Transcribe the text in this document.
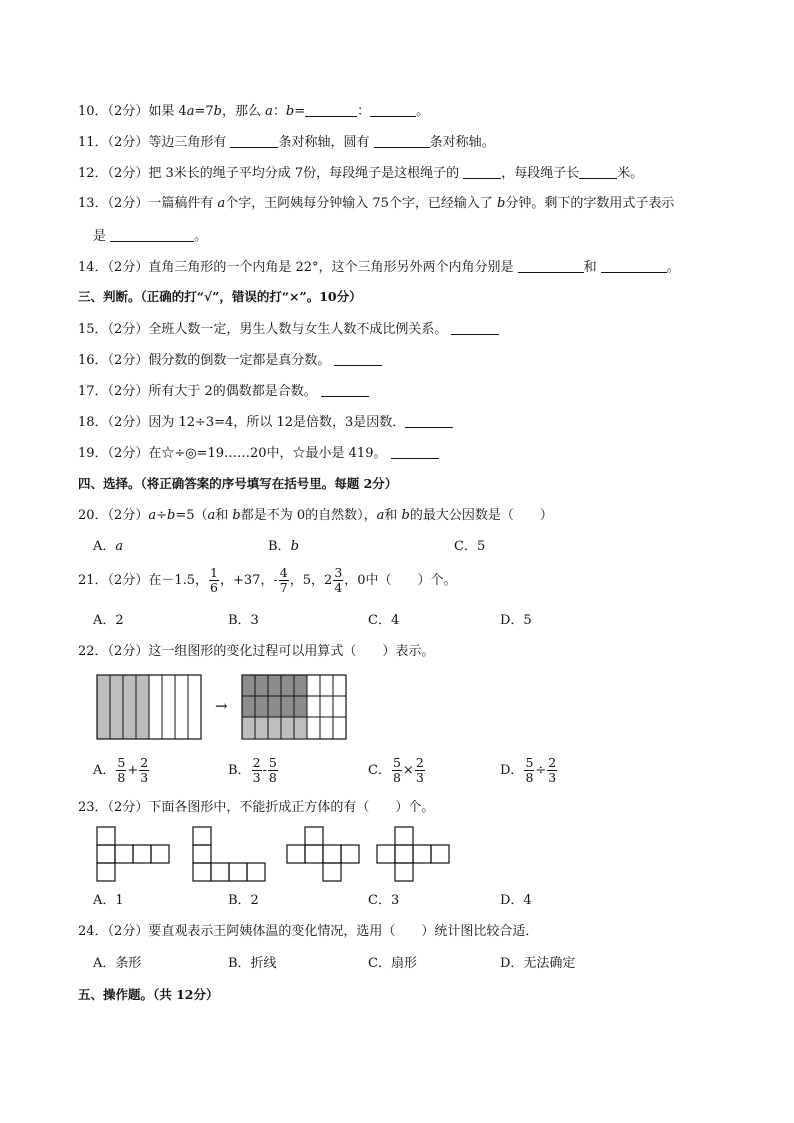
10．（2分）如果 4a=7b，那么 a：b=	：	。
11．（2分）等边三角形有	条对称轴，圆有	条对称轴。
12．（2分）把 3米长的绳子平均分成 7份，每段绳子是这根绳子的	，每段绳子长	米。
13．（2分）一篇稿件有 a个字，王阿姨每分钟输入 75个字，已经输入了 b分钟。剩下的字数用式子表示
是	。
14．（2分）直角三角形的一个内角是 22°，这个三角形另外两个内角分别是	和	。
三、判断。（正确的打“√”，错误的打“×”。10分）
15．（2分）全班人数一定，男生人数与女生人数不成比例关系。
16．（2分）假分数的倒数一定都是真分数。
17．（2分）所有大于 2的偶数都是合数。
18．（2分）因为 12÷3=4，所以 12是倍数，3是因数．
19．（2分）在☆÷◎=19……20中，☆最小是 419。
四、选择。（将正确答案的序号填写在括号里。每题 2分）
20．（2分）a÷b=5（a和 b都是不为 0的自然数），a和 b的最大公因数是（　　）
A．a	B．b	C．5
21．（2分）在－1.5， $\frac{1}{6}$ ，+37，- $\frac{4}{7}$ ，5，$2 \frac{3}{4}$ ，0中（　　）个。
A．2	B．3	C．4	D．5
22．（2分）这一组图形的变化过程可以用算式（　　）表示。
→
A． $\frac{5}{8} + \frac{2}{3}$	B． $\frac{2}{3} - \frac{5}{8}$	C． $\frac{5}{8} \times \frac{2}{3}$	D． $\frac{5}{8} \div \frac{2}{3}$
23．（2分）下面各图形中，不能折成正方体的有（　　）个。
A．1	B．2	C．3	D．4
24．（2分）要直观表示王阿姨体温的变化情况，选用（　　）统计图比较合适．
A．条形	B．折线	C．扇形	D．无法确定
五、操作题。（共 12分）
